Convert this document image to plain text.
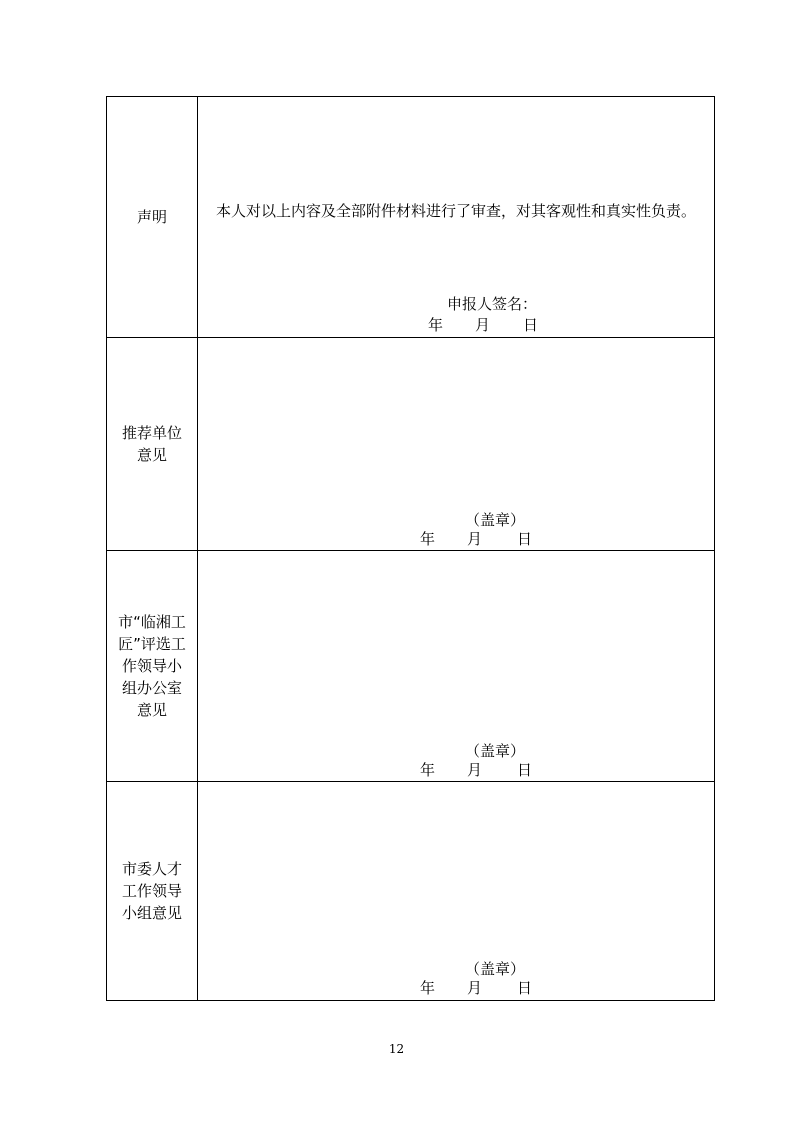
声明	本人对以上内容及全部附件材料进行了审查，对其客观性和真实性负责。
申报人签名：
年 月 日
推荐单位意见
（盖章）
年 月 日
市“临湘工匠”评选工作领导小组办公室意见
（盖章）
年 月 日
市委人才工作领导小组意见
（盖章）
年 月 日
12
